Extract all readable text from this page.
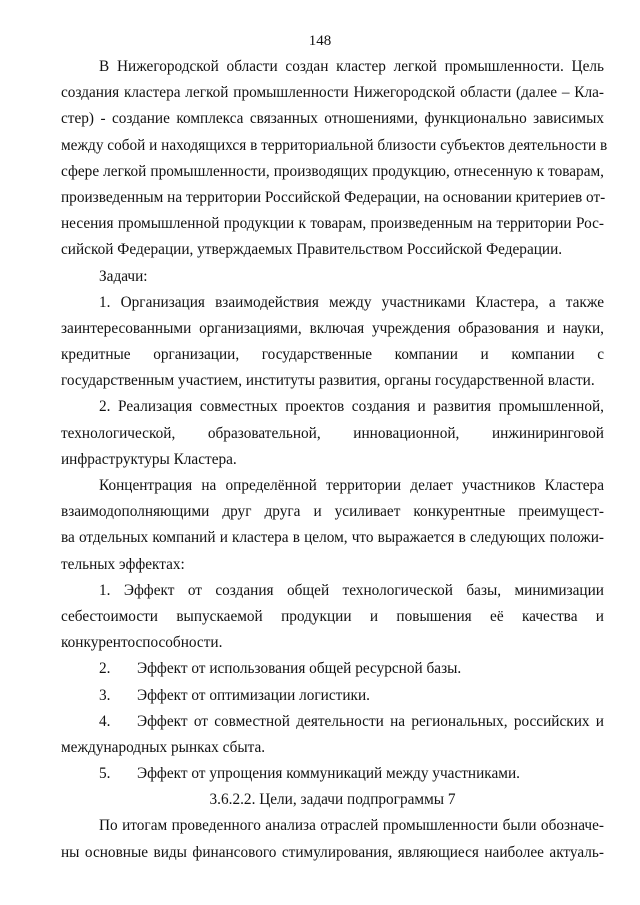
148
В Нижегородской области создан кластер легкой промышленности. Цель
создания кластера легкой промышленности Нижегородской области (далее – Кла-
стер) - создание комплекса связанных отношениями, функционально зависимых
между собой и находящихся в территориальной близости субъектов деятельности в
сфере легкой промышленности, производящих продукцию, отнесенную к товарам,
произведенным на территории Российской Федерации, на основании критериев от-
несения промышленной продукции к товарам, произведенным на территории Рос-
сийской Федерации, утверждаемых Правительством Российской Федерации.
Задачи:
1. Организация взаимодействия между участниками Кластера, а также
заинтересованными организациями, включая учреждения образования и науки,
кредитные организации, государственные компании и компании с
государственным участием, институты развития, органы государственной власти.
2. Реализация совместных проектов создания и развития промышленной,
технологической, образовательной, инновационной, инжиниринговой
инфраструктуры Кластера.
Концентрация на определённой территории делает участников Кластера
взаимодополняющими друг друга и усиливает конкурентные преимущест-
ва отдельных компаний и кластера в целом, что выражается в следующих положи-
тельных эффектах:
1. Эффект от создания общей технологической базы, минимизации
себестоимости выпускаемой продукции и повышения её качества и
конкурентоспособности.
2.	Эффект от использования общей ресурсной базы.
3.	Эффект от оптимизации логистики.
4.	Эффект от совместной деятельности на региональных, российских и
международных рынках сбыта.
5.	Эффект от упрощения коммуникаций между участниками.
3.6.2.2. Цели, задачи подпрограммы 7
По итогам проведенного анализа отраслей промышленности были обозначе-
ны основные виды финансового стимулирования, являющиеся наиболее актуаль-
